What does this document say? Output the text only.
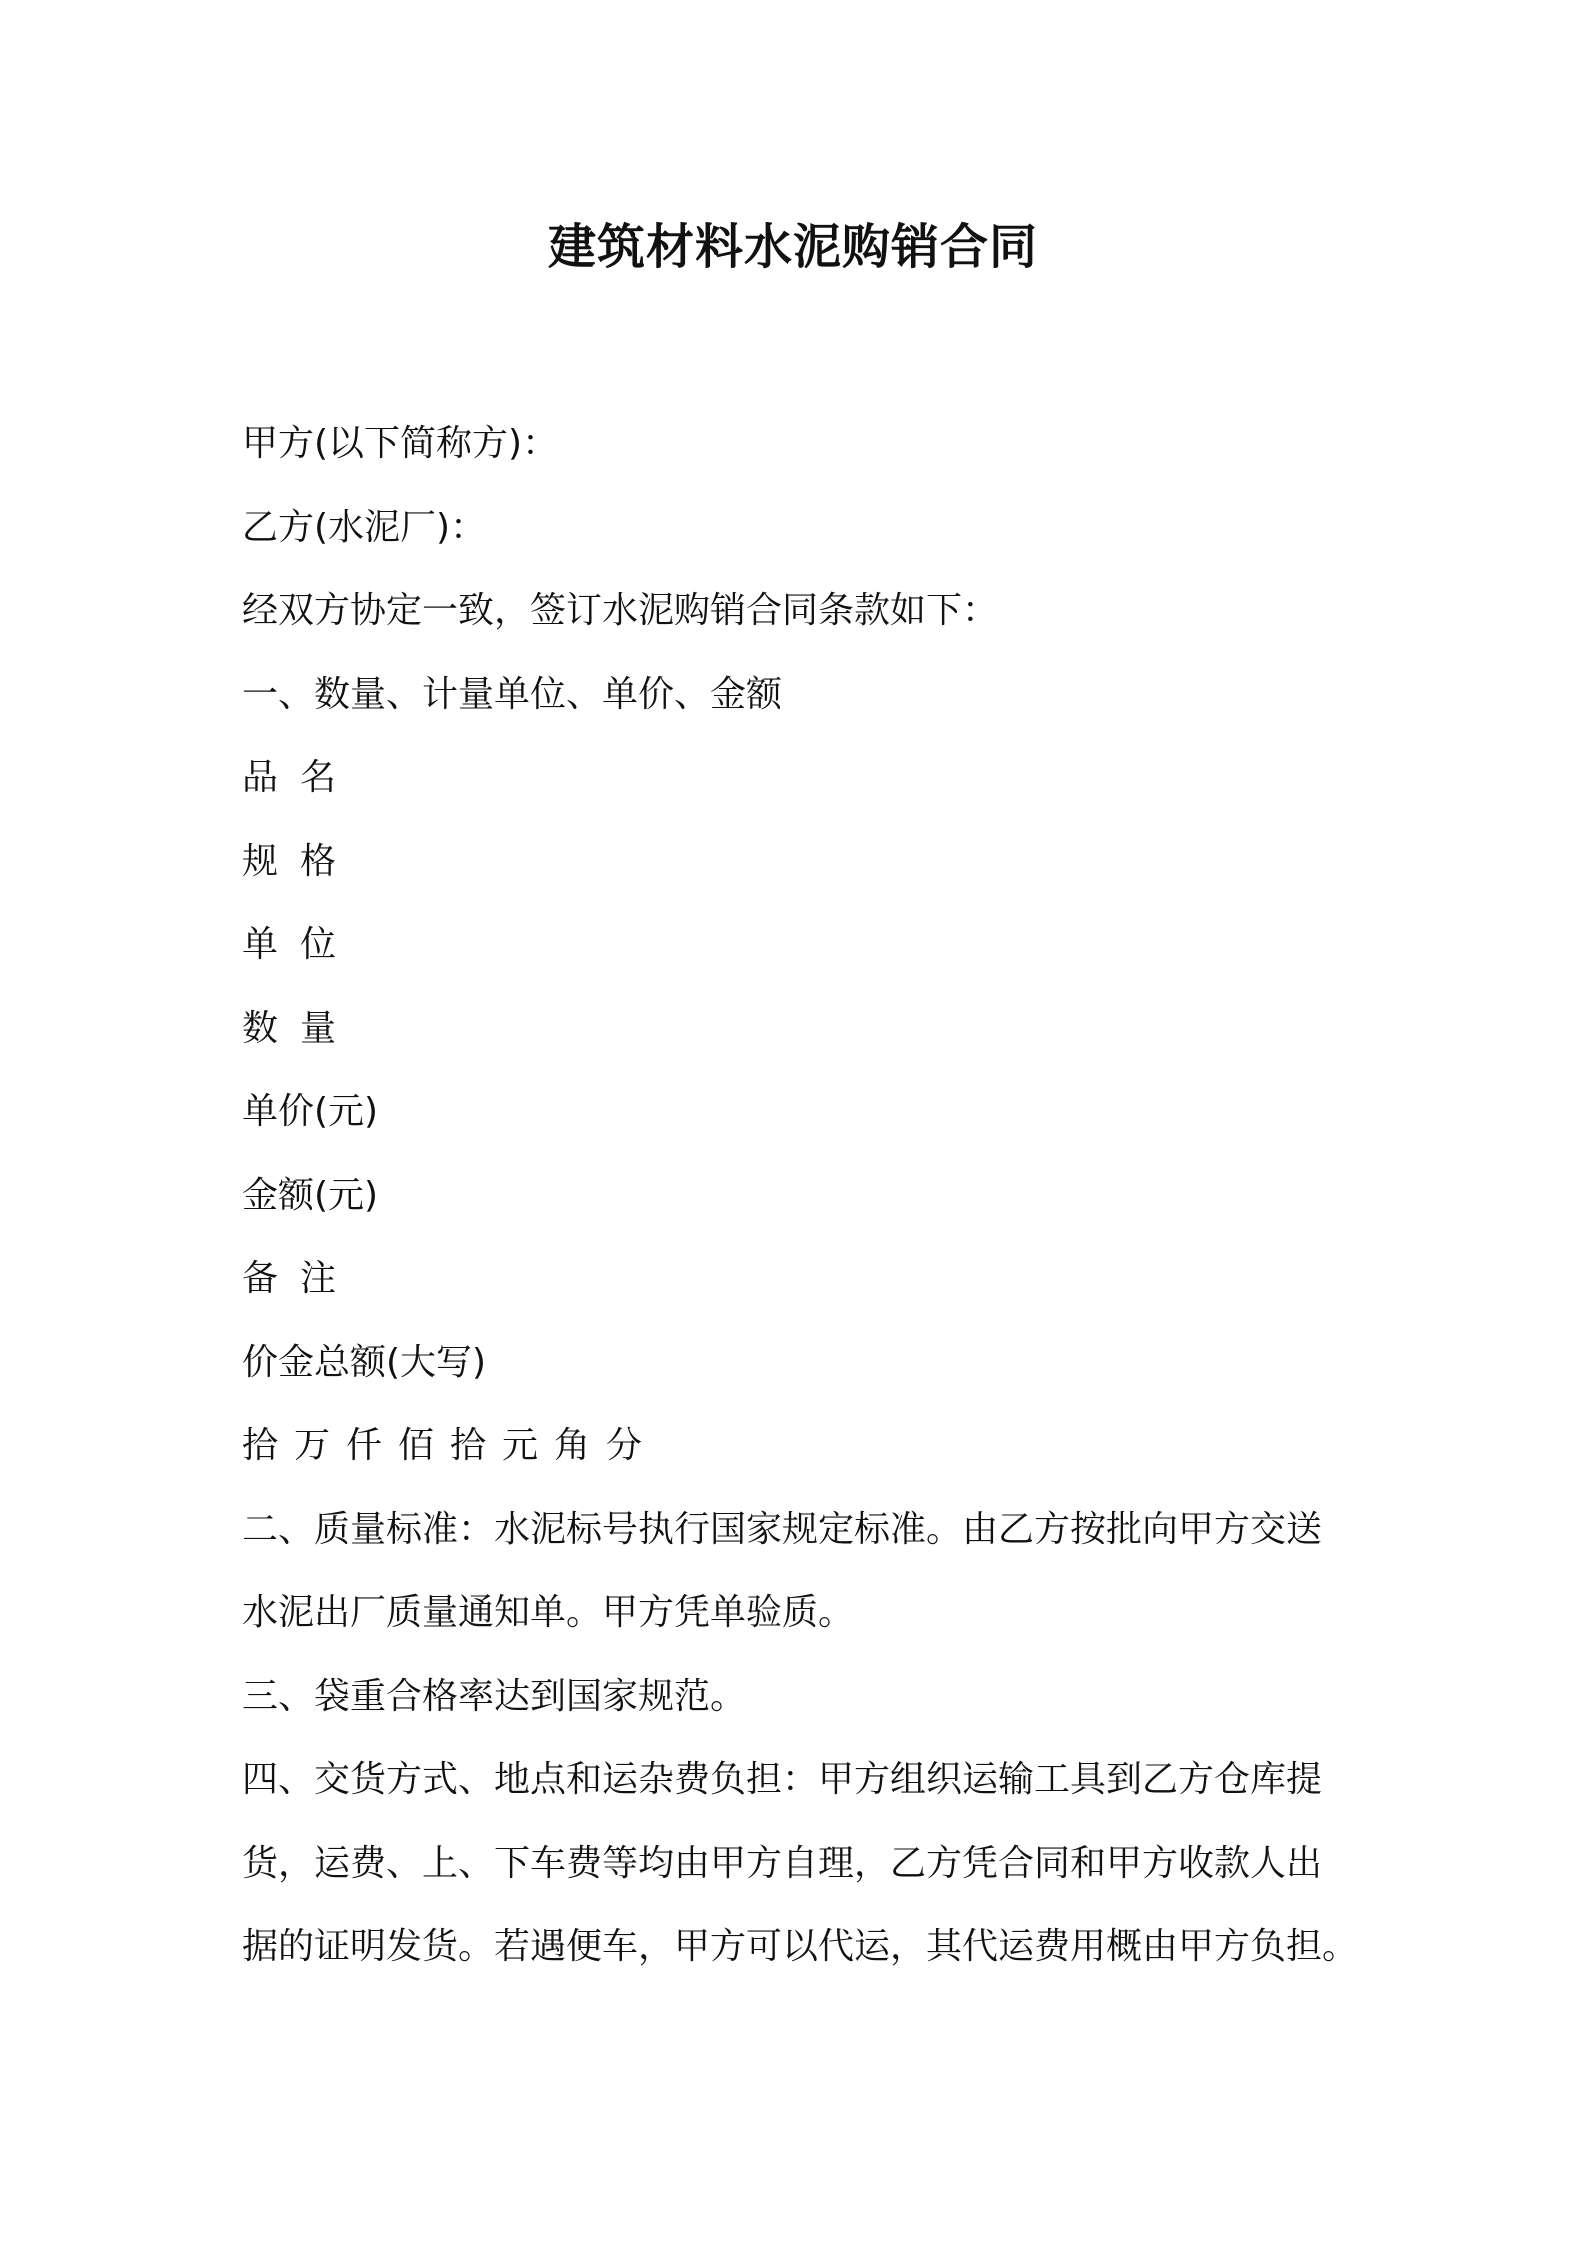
建筑材料水泥购销合同
甲方(以下简称方)：
乙方(水泥厂)：
经双方协定一致，签订水泥购销合同条款如下：
一、数量、计量单位、单价、金额
品名
规格
单位
数量
单价(元)
金额(元)
备注
价金总额(大写)
拾万仟佰拾元角分
二、质量标准：水泥标号执行国家规定标准。由乙方按批向甲方交送
水泥出厂质量通知单。甲方凭单验质。
三、袋重合格率达到国家规范。
四、交货方式、地点和运杂费负担：甲方组织运输工具到乙方仓库提
货，运费、上、下车费等均由甲方自理，乙方凭合同和甲方收款人出
据的证明发货。若遇便车，甲方可以代运，其代运费用概由甲方负担。
